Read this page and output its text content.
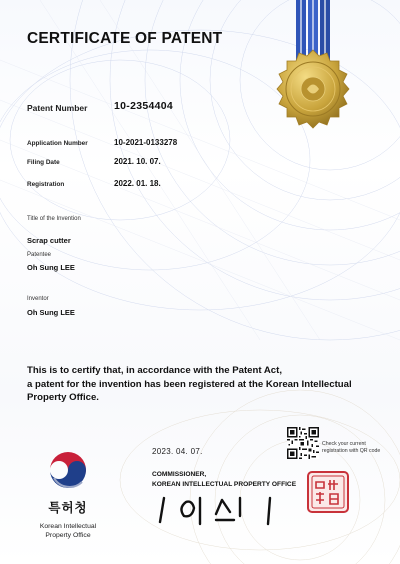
CERTIFICATE OF PATENT
Patent Number	10-2354404
Application Number	10-2021-0133278
Filing Date	2021. 10. 07.
Registration	2022. 01. 18.
Title of the Invention
Scrap cutter
Patentee
Oh Sung LEE
Inventor
Oh Sung LEE
This is to certify that, in accordance with the Patent Act,
a patent for the invention has been registered at the Korean Intellectual
Property Office.
Check your current registration with QR code
2023. 04. 07.
COMMISSIONER,
KOREAN INTELLECTUAL PROPERTY OFFICE
특허청
Korean Intellectual
Property Office
